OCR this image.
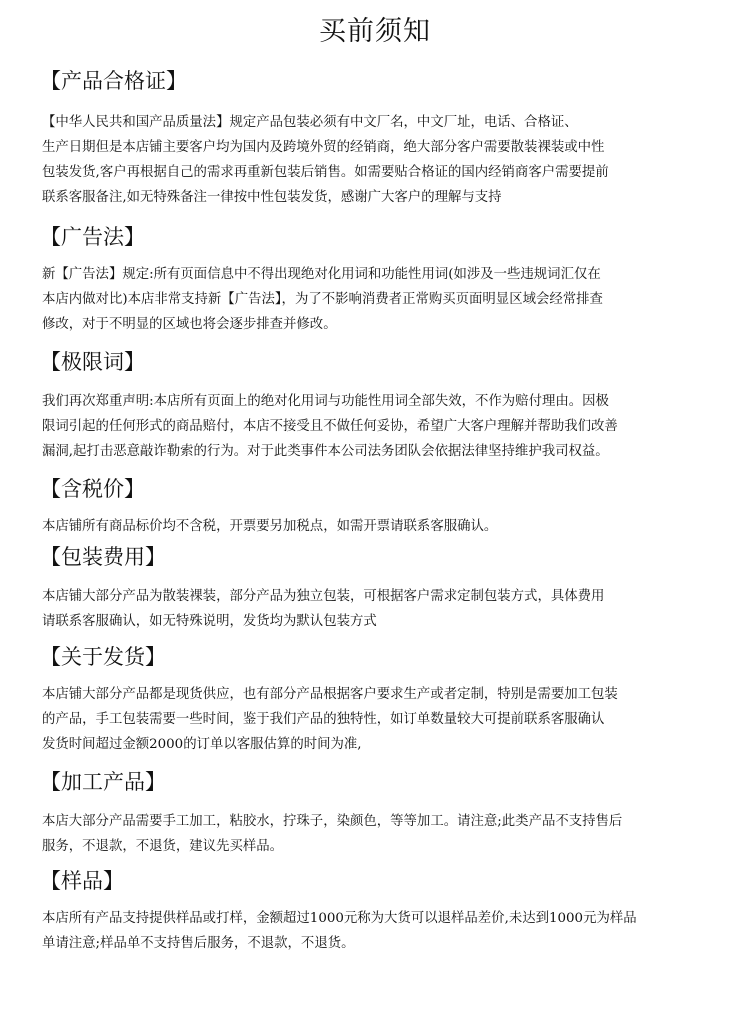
买前须知
【产品合格证】
【中华人民共和国产品质量法】规定产品包装必须有中文厂名，中文厂址，电话、合格证、
生产日期但是本店铺主要客户均为国内及跨境外贸的经销商，绝大部分客户需要散装裸装或中性
包装发货,客户再根据自己的需求再重新包装后销售。如需要贴合格证的国内经销商客户需要提前
联系客服备注,如无特殊备注一律按中性包装发货，感谢广大客户的理解与支持
【广告法】
新【广告法】规定:所有页面信息中不得出现绝对化用词和功能性用词(如涉及一些违规词汇仅在
本店内做对比)本店非常支持新【广告法】，为了不影响消费者正常购买页面明显区域会经常排查
修改，对于不明显的区域也将会逐步排查并修改。
【极限词】
我们再次郑重声明:本店所有页面上的绝对化用词与功能性用词全部失效，不作为赔付理由。因极
限词引起的任何形式的商品赔付，本店不接受且不做任何妥协，希望广大客户理解并帮助我们改善
漏洞,起打击恶意敲诈勒索的行为。对于此类事件本公司法务团队会依据法律坚持维护我司权益。
【含税价】
本店铺所有商品标价均不含税，开票要另加税点，如需开票请联系客服确认。
【包装费用】
本店铺大部分产品为散装裸装，部分产品为独立包装，可根据客户需求定制包装方式，具体费用
请联系客服确认，如无特殊说明，发货均为默认包装方式
【关于发货】
本店铺大部分产品都是现货供应，也有部分产品根据客户要求生产或者定制，特别是需要加工包装
的产品，手工包装需要一些时间，鉴于我们产品的独特性，如订单数量较大可提前联系客服确认
发货时间超过金额2000的订单以客服估算的时间为准,
【加工产品】
本店大部分产品需要手工加工，粘胶水，拧珠子，染颜色，等等加工。请注意;此类产品不支持售后
服务，不退款，不退货，建议先买样品。
【样品】
本店所有产品支持提供样品或打样，金额超过1000元称为大货可以退样品差价,未达到1000元为样品
单请注意;样品单不支持售后服务，不退款，不退货。
